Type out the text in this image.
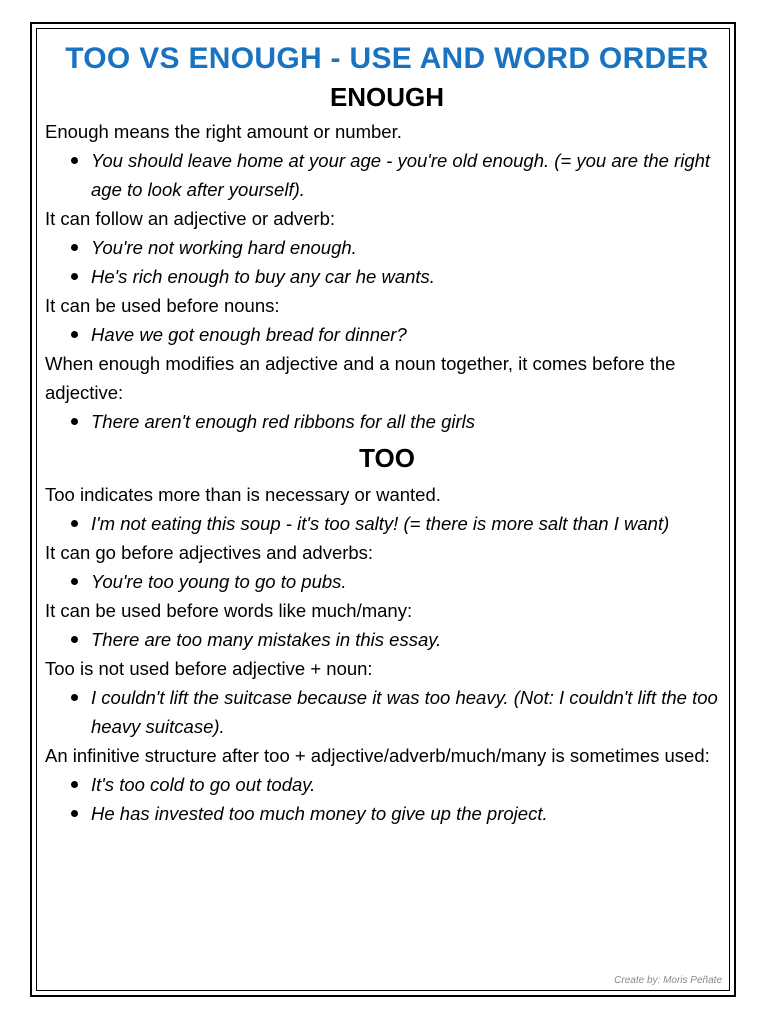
TOO VS ENOUGH - USE AND WORD ORDER
ENOUGH

Enough means the right amount or number.

You should leave home at your age - you're old enough. (= you are the right age to look after yourself).

It can follow an adjective or adverb:

You're not working hard enough.
He's rich enough to buy any car he wants.

It can be used before nouns:

Have we got enough bread for dinner?

When enough modifies an adjective and a noun together, it comes before the adjective:

There aren't enough red ribbons for all the girls
TOO

Too indicates more than is necessary or wanted.

I'm not eating this soup - it's too salty! (= there is more salt than I want)

It can go before adjectives and adverbs:

You're too young to go to pubs.

It can be used before words like much/many:

There are too many mistakes in this essay.

Too is not used before adjective + noun:

I couldn't lift the suitcase because it was too heavy. (Not: I couldn't lift the too heavy suitcase).

An infinitive structure after too + adjective/adverb/much/many is sometimes used:

It's too cold to go out today.
He has invested too much money to give up the project.
Create by: Moris Peñate
